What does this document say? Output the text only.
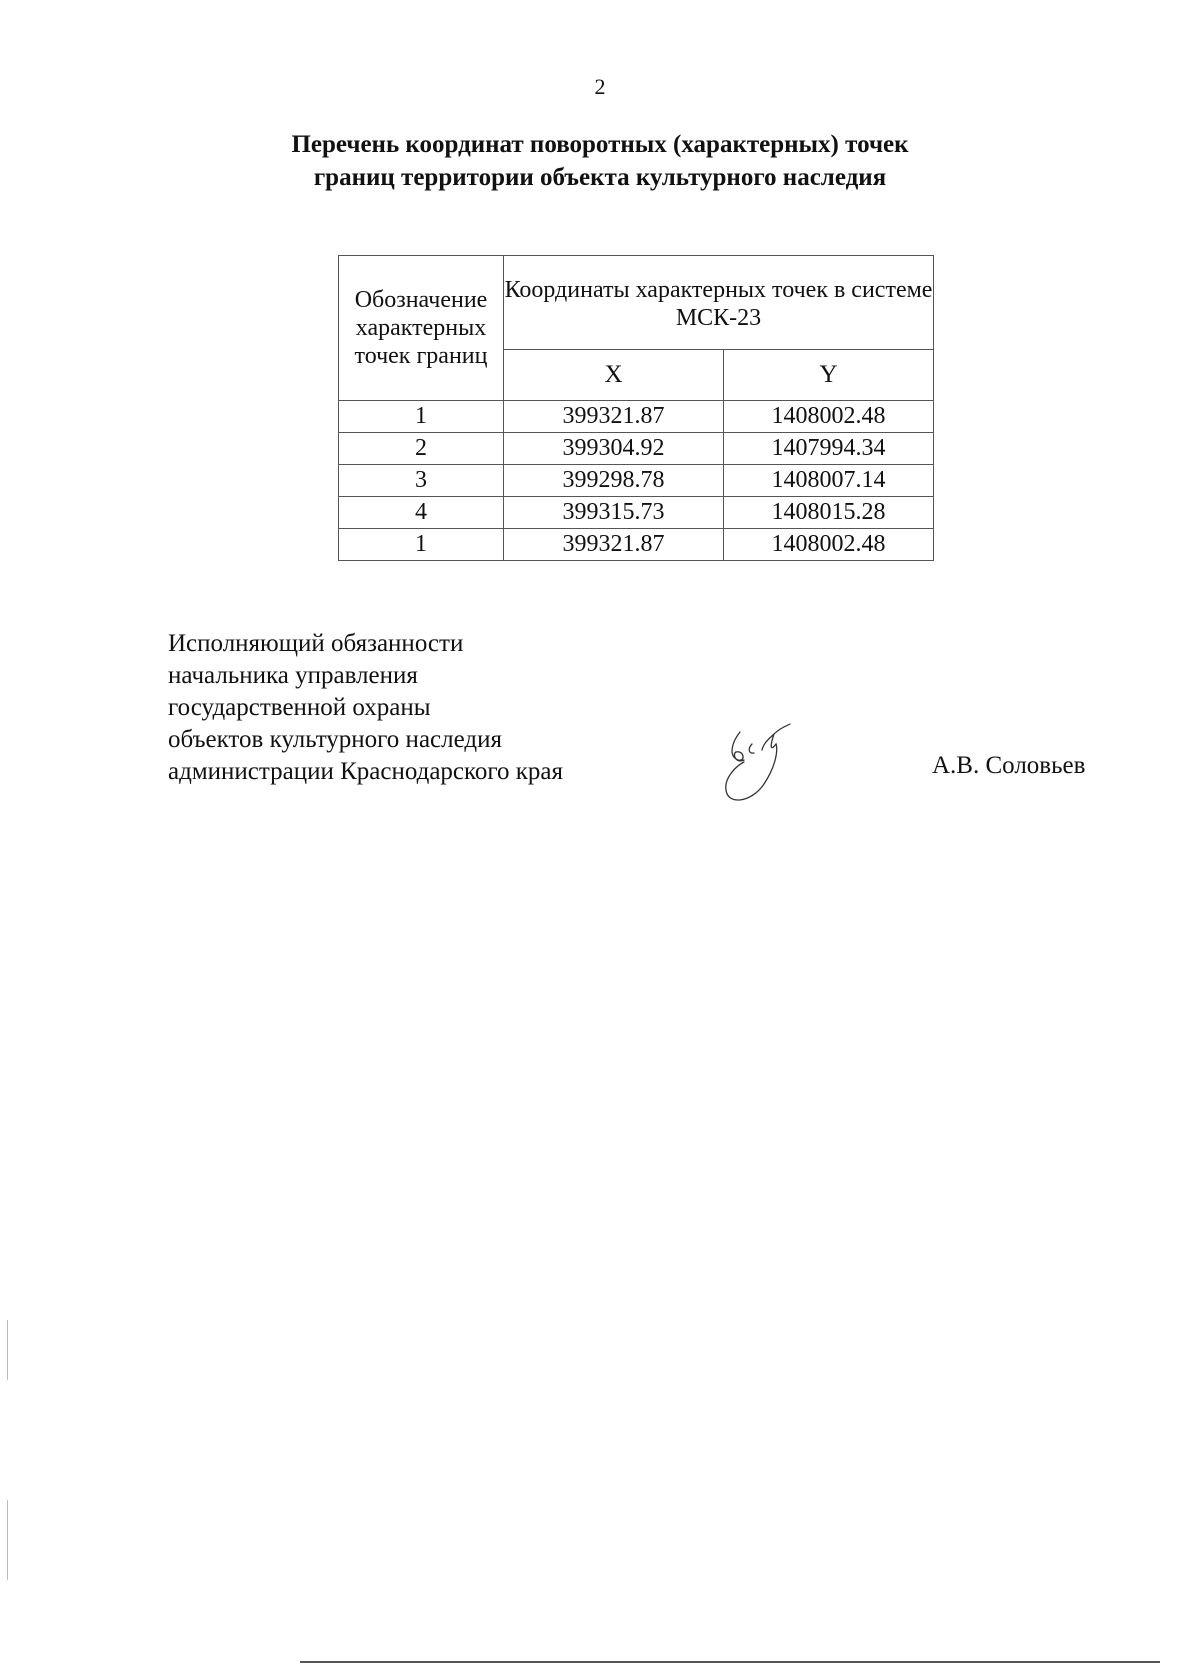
2
Перечень координат поворотных (характерных) точек
границ территории объекта культурного наследия
Обозначение характерных точек границ	Координаты характерных точек в системе МСК-23	
	X	Y
1	399321.87	1408002.48
2	399304.92	1407994.34
3	399298.78	1408007.14
4	399315.73	1408015.28
1	399321.87	1408002.48
Исполняющий обязанности
начальника управления
государственной охраны
объектов культурного наследия
администрации Краснодарского края	А.В. Соловьев
